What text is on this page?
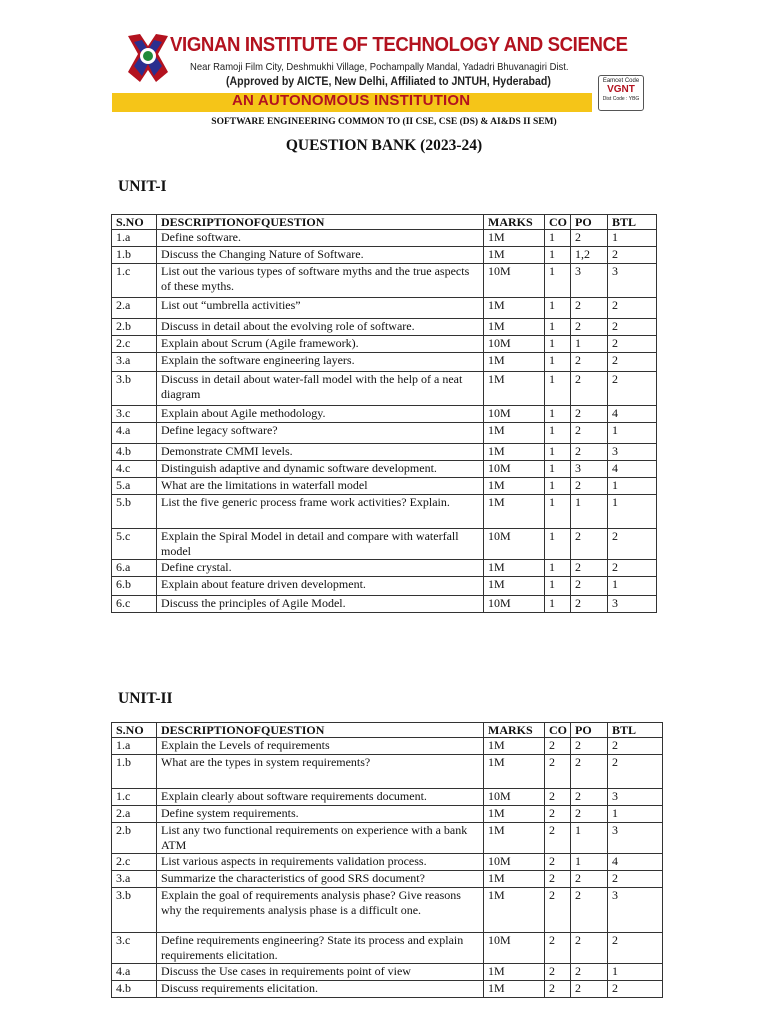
VIGNAN INSTITUTE OF TECHNOLOGY AND SCIENCE
Near Ramoji Film City, Deshmukhi Village, Pochampally Mandal, Yadadri Bhuvanagiri Dist.
(Approved by AICTE, New Delhi, Affiliated to JNTUH, Hyderabad)
AN AUTONOMOUS INSTITUTION
Eamcet Code
VGNT
Dist Code : YBG
SOFTWARE ENGINEERING COMMON TO (II CSE, CSE (DS) & AI&DS II SEM)
QUESTION BANK (2023-24)
UNIT-I
S.NO	DESCRIPTIONOFQUESTION	MARKS	CO	PO	BTL
1.a	Define software.	1M	1	2	1
1.b	Discuss the Changing Nature of Software.	1M	1	1,2	2
1.c	List out the various types of software myths and the true aspects of these myths.	10M	1	3	3
2.a	List out “umbrella activities”	1M	1	2	2
2.b	Discuss in detail about the evolving role of software.	1M	1	2	2
2.c	Explain about Scrum (Agile framework).	10M	1	1	2
3.a	Explain the software engineering layers.	1M	1	2	2
3.b	Discuss in detail about water-fall model with the help of a neat diagram	1M	1	2	2
3.c	Explain about Agile methodology.	10M	1	2	4
4.a	Define legacy software?	1M	1	2	1
4.b	Demonstrate CMMI levels.	1M	1	2	3
4.c	Distinguish adaptive and dynamic software development.	10M	1	3	4
5.a	What are the limitations in waterfall model	1M	1	2	1
5.b	List the five generic process frame work activities? Explain.	1M	1	1	1
5.c	Explain the Spiral Model in detail and compare with waterfall model	10M	1	2	2
6.a	Define crystal.	1M	1	2	2
6.b	Explain about feature driven development.	1M	1	2	1
6.c	Discuss the principles of Agile Model.	10M	1	2	3
UNIT-II
S.NO	DESCRIPTIONOFQUESTION	MARKS	CO	PO	BTL
1.a	Explain the Levels of requirements	1M	2	2	2
1.b	What are the types in system requirements?	1M	2	2	2
1.c	Explain clearly about software requirements document.	10M	2	2	3
2.a	Define system requirements.	1M	2	2	1
2.b	List any two functional requirements on experience with a bank ATM	1M	2	1	3
2.c	List various aspects in requirements validation process.	10M	2	1	4
3.a	Summarize the characteristics of good SRS document?	1M	2	2	2
3.b	Explain the goal of requirements analysis phase? Give reasons why the requirements analysis phase is a difficult one.	1M	2	2	3
3.c	Define requirements engineering? State its process and explain requirements elicitation.	10M	2	2	2
4.a	Discuss the Use cases in requirements point of view	1M	2	2	1
4.b	Discuss requirements elicitation.	1M	2	2	2
